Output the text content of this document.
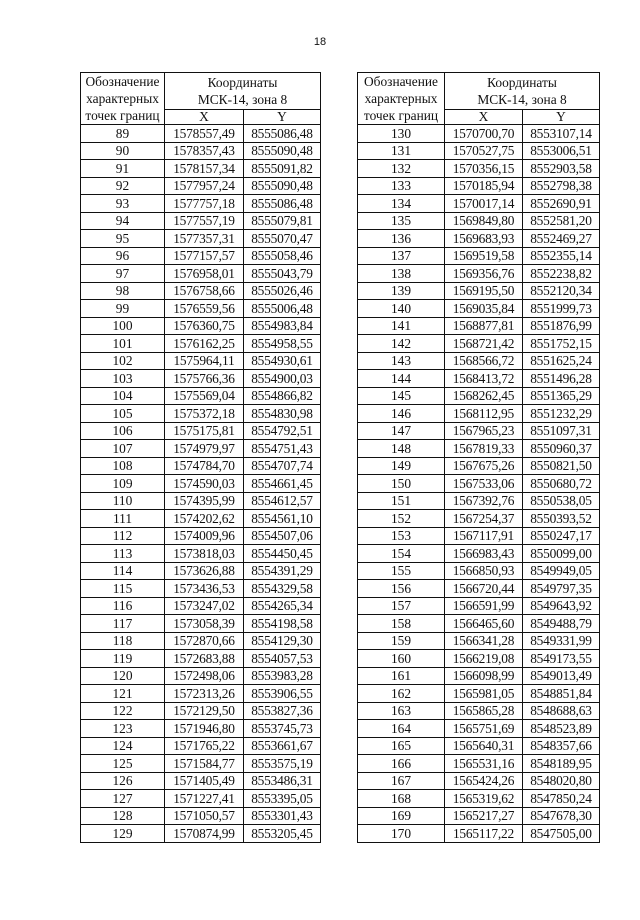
18
Обозначение
характерных
точек границ	Координаты
МСК-14, зона 8	

	X	Y
89	1578557,49	8555086,48
90	1578357,43	8555090,48
91	1578157,34	8555091,82
92	1577957,24	8555090,48
93	1577757,18	8555086,48
94	1577557,19	8555079,81
95	1577357,31	8555070,47
96	1577157,57	8555058,46
97	1576958,01	8555043,79
98	1576758,66	8555026,46
99	1576559,56	8555006,48
100	1576360,75	8554983,84
101	1576162,25	8554958,55
102	1575964,11	8554930,61
103	1575766,36	8554900,03
104	1575569,04	8554866,82
105	1575372,18	8554830,98
106	1575175,81	8554792,51
107	1574979,97	8554751,43
108	1574784,70	8554707,74
109	1574590,03	8554661,45
110	1574395,99	8554612,57
111	1574202,62	8554561,10
112	1574009,96	8554507,06
113	1573818,03	8554450,45
114	1573626,88	8554391,29
115	1573436,53	8554329,58
116	1573247,02	8554265,34
117	1573058,39	8554198,58
118	1572870,66	8554129,30
119	1572683,88	8554057,53
120	1572498,06	8553983,28
121	1572313,26	8553906,55
122	1572129,50	8553827,36
123	1571946,80	8553745,73
124	1571765,22	8553661,67
125	1571584,77	8553575,19
126	1571405,49	8553486,31
127	1571227,41	8553395,05
128	1571050,57	8553301,43
129	1570874,99	8553205,45
Обозначение
характерных
точек границ	Координаты
МСК-14, зона 8	

	X	Y
130	1570700,70	8553107,14
131	1570527,75	8553006,51
132	1570356,15	8552903,58
133	1570185,94	8552798,38
134	1570017,14	8552690,91
135	1569849,80	8552581,20
136	1569683,93	8552469,27
137	1569519,58	8552355,14
138	1569356,76	8552238,82
139	1569195,50	8552120,34
140	1569035,84	8551999,73
141	1568877,81	8551876,99
142	1568721,42	8551752,15
143	1568566,72	8551625,24
144	1568413,72	8551496,28
145	1568262,45	8551365,29
146	1568112,95	8551232,29
147	1567965,23	8551097,31
148	1567819,33	8550960,37
149	1567675,26	8550821,50
150	1567533,06	8550680,72
151	1567392,76	8550538,05
152	1567254,37	8550393,52
153	1567117,91	8550247,17
154	1566983,43	8550099,00
155	1566850,93	8549949,05
156	1566720,44	8549797,35
157	1566591,99	8549643,92
158	1566465,60	8549488,79
159	1566341,28	8549331,99
160	1566219,08	8549173,55
161	1566098,99	8549013,49
162	1565981,05	8548851,84
163	1565865,28	8548688,63
164	1565751,69	8548523,89
165	1565640,31	8548357,66
166	1565531,16	8548189,95
167	1565424,26	8548020,80
168	1565319,62	8547850,24
169	1565217,27	8547678,30
170	1565117,22	8547505,00
